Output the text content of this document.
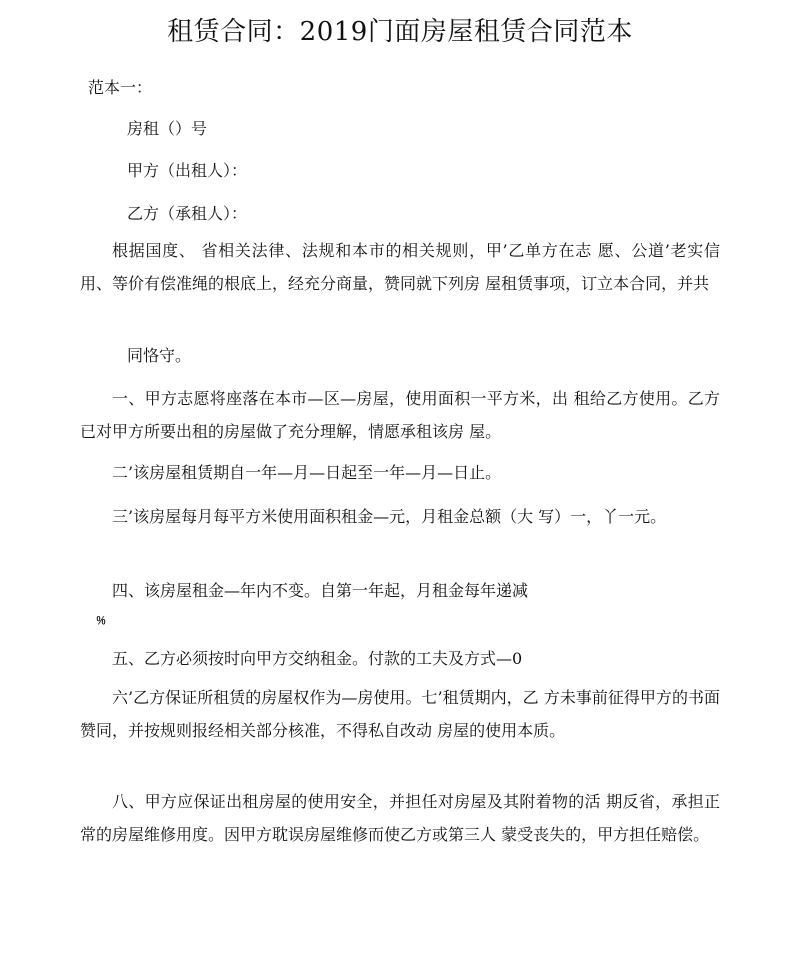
租赁合同：2019门面房屋租赁合同范本

范本一：

房租（）号

甲方（出租人）：

乙方（承租人）：

根据国度、 省相关法律、法规和本市的相关规则，甲’乙单方在志 愿、公道’老实信用、等价有偿准绳的根底上，经充分商量，赞同就下列房 屋租赁事项，订立本合同，并共

同恪守。

一、甲方志愿将座落在本市—区—房屋，使用面积一平方米，出 租给乙方使用。乙方已对甲方所要出租的房屋做了充分理解，情愿承租该房 屋。

二’该房屋租赁期自一年—月—日起至一年—月—日止。

三’该房屋每月每平方米使用面积租金—元，月租金总额（大 写）一，丫一元。

四、该房屋租金—年内不变。自第一年起，月租金每年递减

％

五、乙方必须按时向甲方交纳租金。付款的工夫及方式—0

六’乙方保证所租赁的房屋权作为—房使用。七’租赁期内，乙 方未事前征得甲方的书面赞同，并按规则报经相关部分核准，不得私自改动 房屋的使用本质。

八、甲方应保证出租房屋的使用安全，并担任对房屋及其附着物的活 期反省，承担正常的房屋维修用度。因甲方耽误房屋维修而使乙方或第三人 蒙受丧失的，甲方担任赔偿。
